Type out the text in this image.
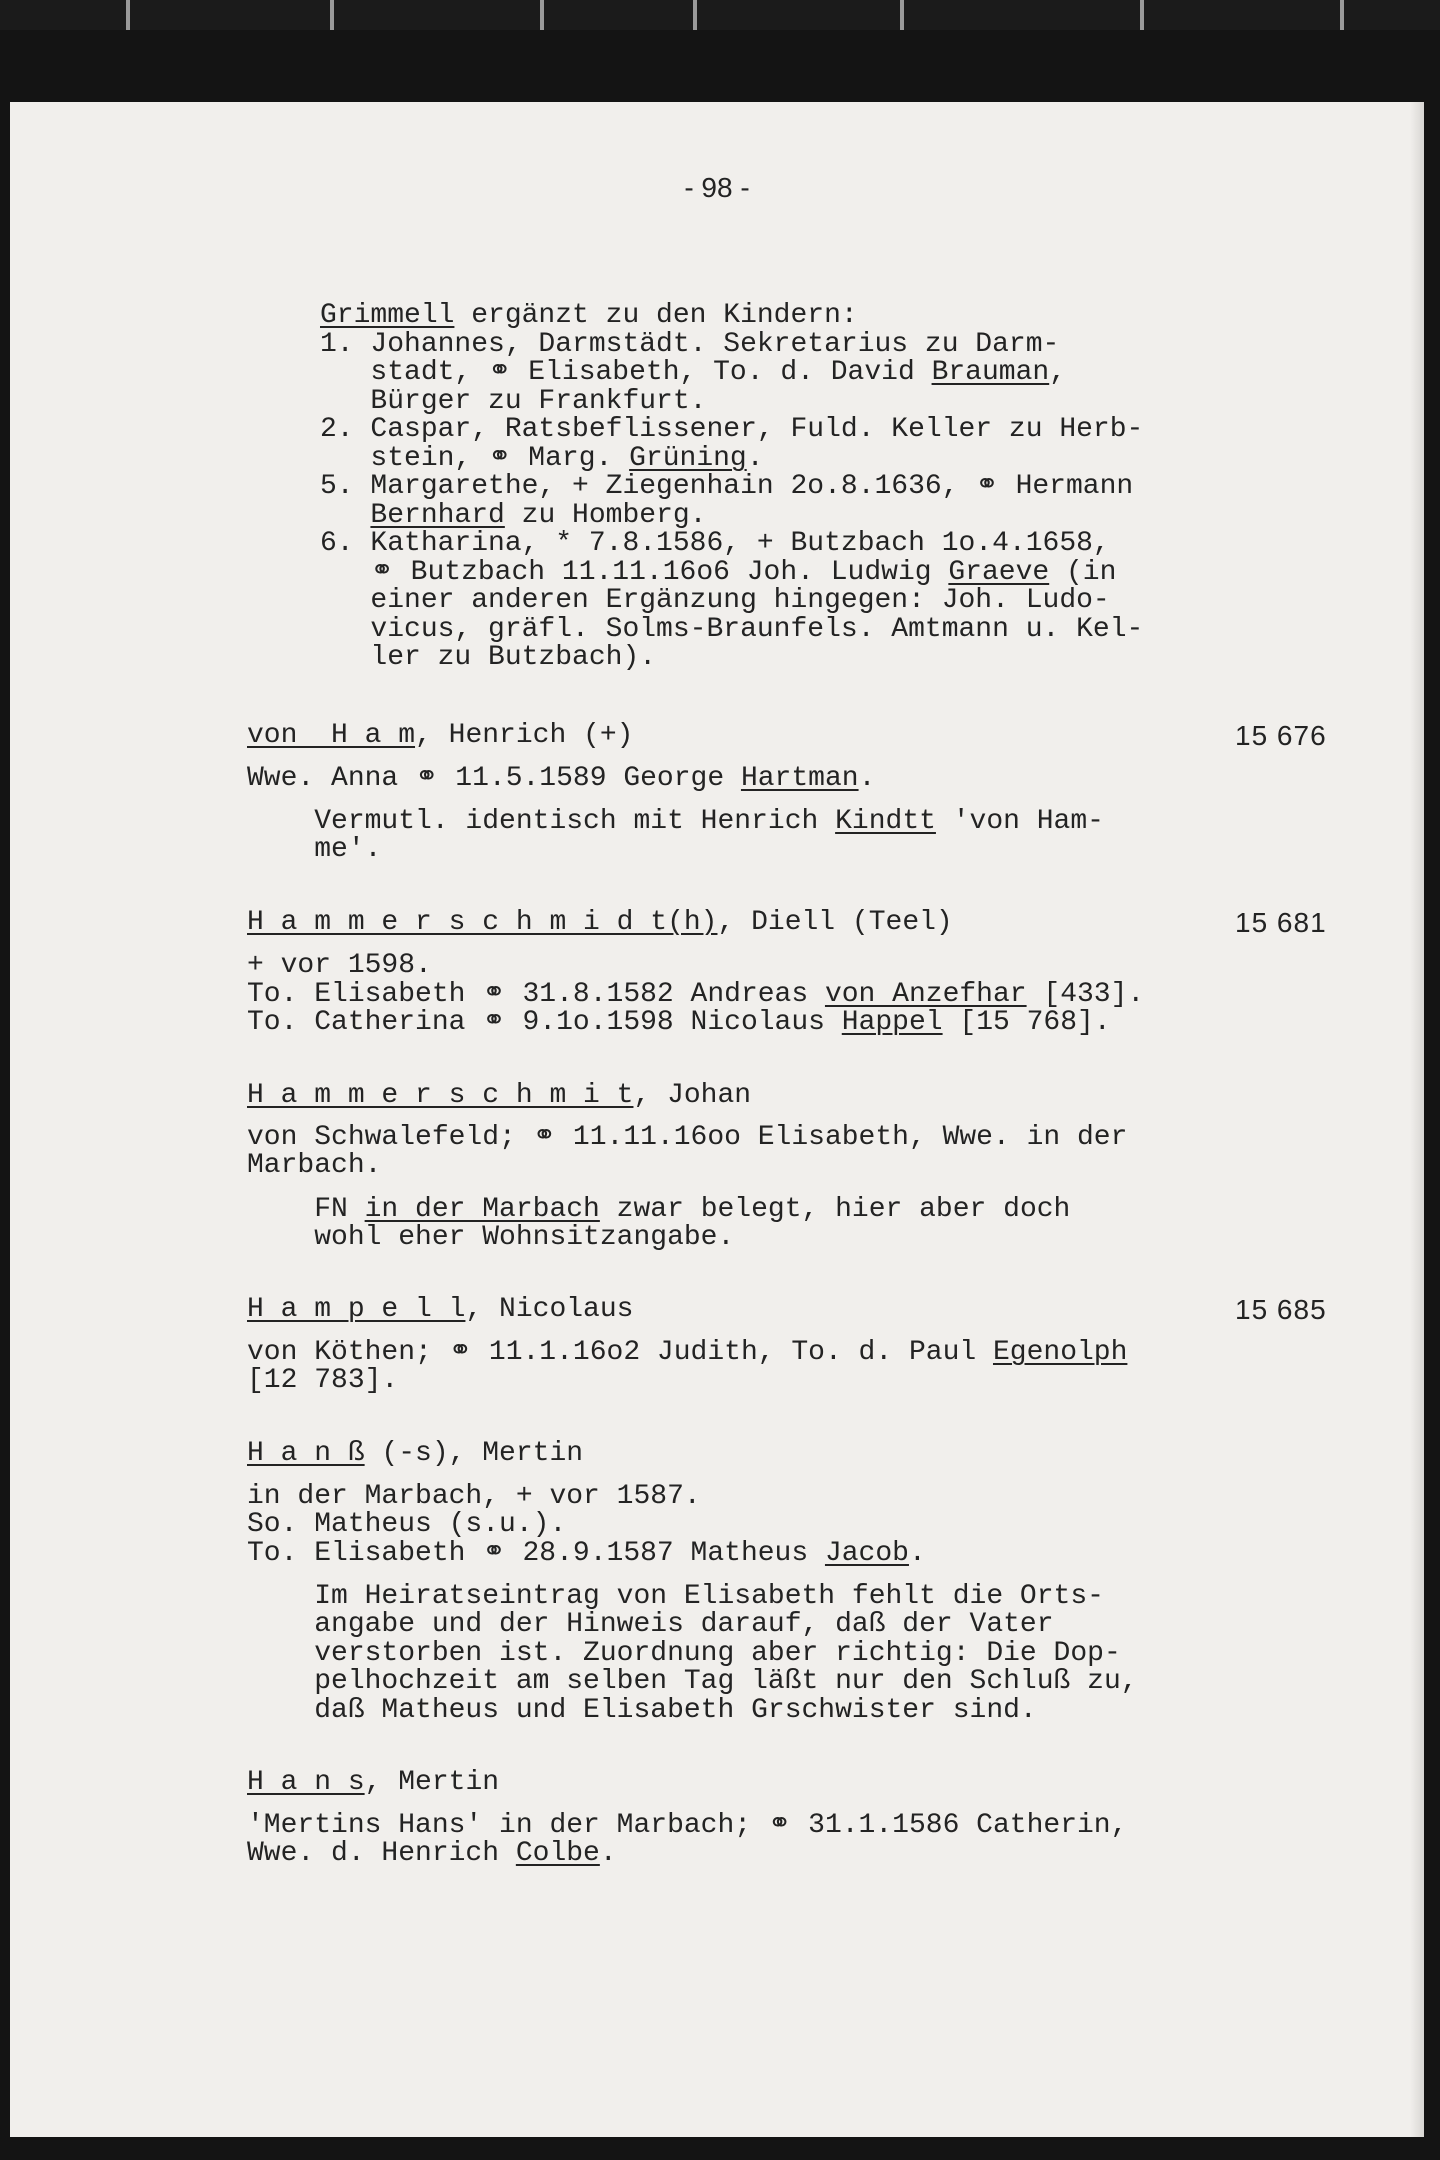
- 98 -
Grimmell ergänzt zu den Kindern:
1. Johannes, Darmstädt. Sekretarius zu Darm-
stadt, ⚭ Elisabeth, To. d. David Brauman,
Bürger zu Frankfurt.
2. Caspar, Ratsbeflissener, Fuld. Keller zu Herb-
stein, ⚭ Marg. Grüning.
5. Margarethe, + Ziegenhain 2o.8.1636, ⚭ Hermann
Bernhard zu Homberg.
6. Katharina, * 7.8.1586, + Butzbach 1o.4.1658,
⚭ Butzbach 11.11.16o6 Joh. Ludwig Graeve (in
einer anderen Ergänzung hingegen: Joh. Ludo-
vicus, gräfl. Solms-Braunfels. Amtmann u. Kel-
ler zu Butzbach).
von  H a m, Henrich (+)	15 676
Wwe. Anna ⚭ 11.5.1589 George Hartman.
Vermutl. identisch mit Henrich Kindtt 'von Ham-
me'.
H a m m e r s c h m i d t(h), Diell (Teel)	15 681
+ vor 1598.
To. Elisabeth ⚭ 31.8.1582 Andreas von Anzefhar [433].
To. Catherina ⚭ 9.1o.1598 Nicolaus Happel [15 768].
H a m m e r s c h m i t, Johan
von Schwalefeld; ⚭ 11.11.16oo Elisabeth, Wwe. in der
Marbach.
FN in der Marbach zwar belegt, hier aber doch
wohl eher Wohnsitzangabe.
H a m p e l l, Nicolaus	15 685
von Köthen; ⚭ 11.1.16o2 Judith, To. d. Paul Egenolph
[12 783].
H a n ß (-s), Mertin
in der Marbach, + vor 1587.
So. Matheus (s.u.).
To. Elisabeth ⚭ 28.9.1587 Matheus Jacob.
Im Heiratseintrag von Elisabeth fehlt die Orts-
angabe und der Hinweis darauf, daß der Vater
verstorben ist. Zuordnung aber richtig: Die Dop-
pelhochzeit am selben Tag läßt nur den Schluß zu,
daß Matheus und Elisabeth Grschwister sind.
H a n s, Mertin
'Mertins Hans' in der Marbach; ⚭ 31.1.1586 Catherin,
Wwe. d. Henrich Colbe.
